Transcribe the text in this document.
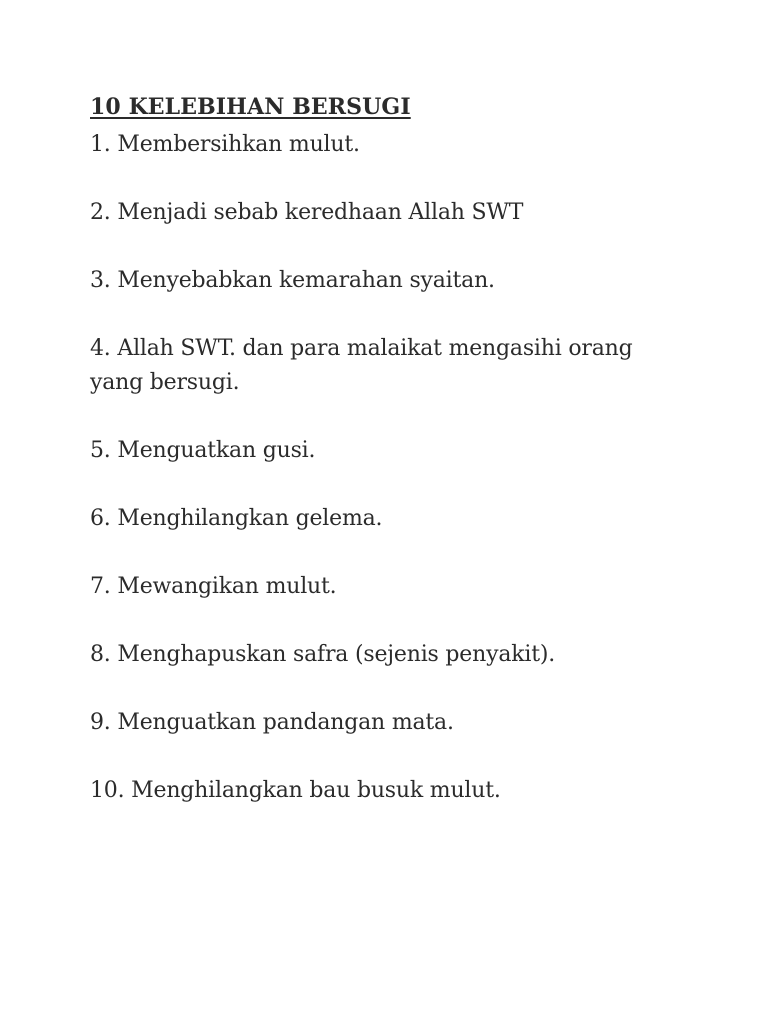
10 KELEBIHAN BERSUGI
1. Membersihkan mulut.
2. Menjadi sebab keredhaan Allah SWT
3. Menyebabkan kemarahan syaitan.
4. Allah SWT. dan para malaikat mengasihi orang yang bersugi.
5. Menguatkan gusi.
6. Menghilangkan gelema.
7. Mewangikan mulut.
8. Menghapuskan safra (sejenis penyakit).
9. Menguatkan pandangan mata.
10. Menghilangkan bau busuk mulut.
